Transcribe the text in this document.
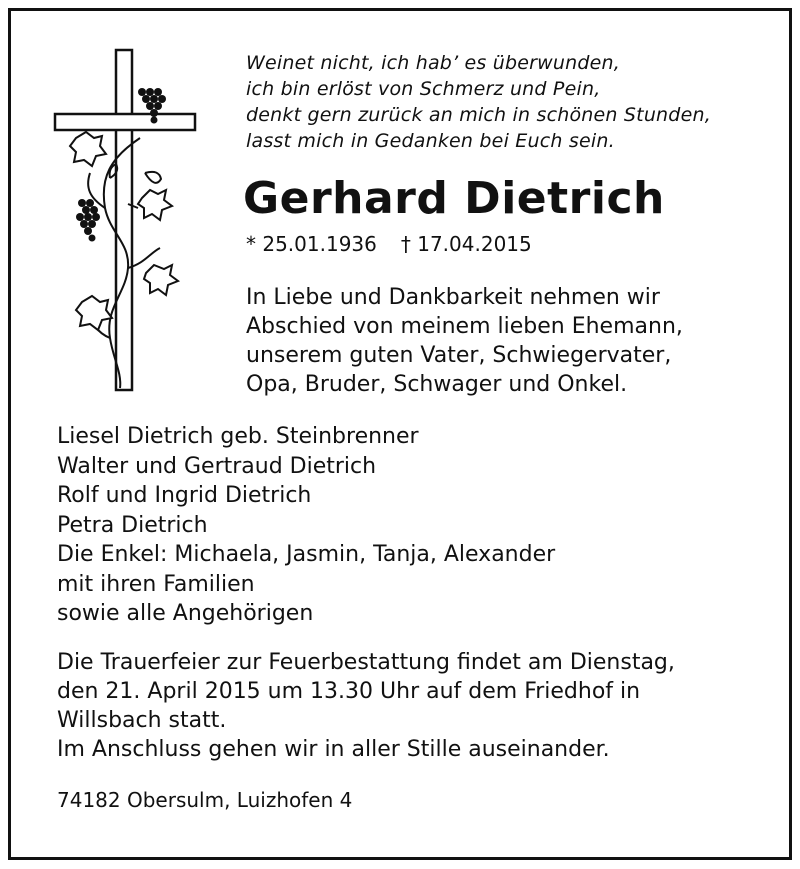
Weinet nicht, ich hab’ es überwunden,
ich bin erlöst von Schmerz und Pein,
denkt gern zurück an mich in schönen Stunden,
lasst mich in Gedanken bei Euch sein.
Gerhard Dietrich
* 25.01.1936 † 17.04.2015
In Liebe und Dankbarkeit nehmen wir
Abschied von meinem lieben Ehemann,
unserem guten Vater, Schwiegervater,
Opa, Bruder, Schwager und Onkel.
Liesel Dietrich geb. Steinbrenner
Walter und Gertraud Dietrich
Rolf und Ingrid Dietrich
Petra Dietrich
Die Enkel: Michaela, Jasmin, Tanja, Alexander
mit ihren Familien
sowie alle Angehörigen
Die Trauerfeier zur Feuerbestattung findet am Dienstag,
den 21. April 2015 um 13.30 Uhr auf dem Friedhof in
Willsbach statt.
Im Anschluss gehen wir in aller Stille auseinander.
74182 Obersulm, Luizhofen 4
